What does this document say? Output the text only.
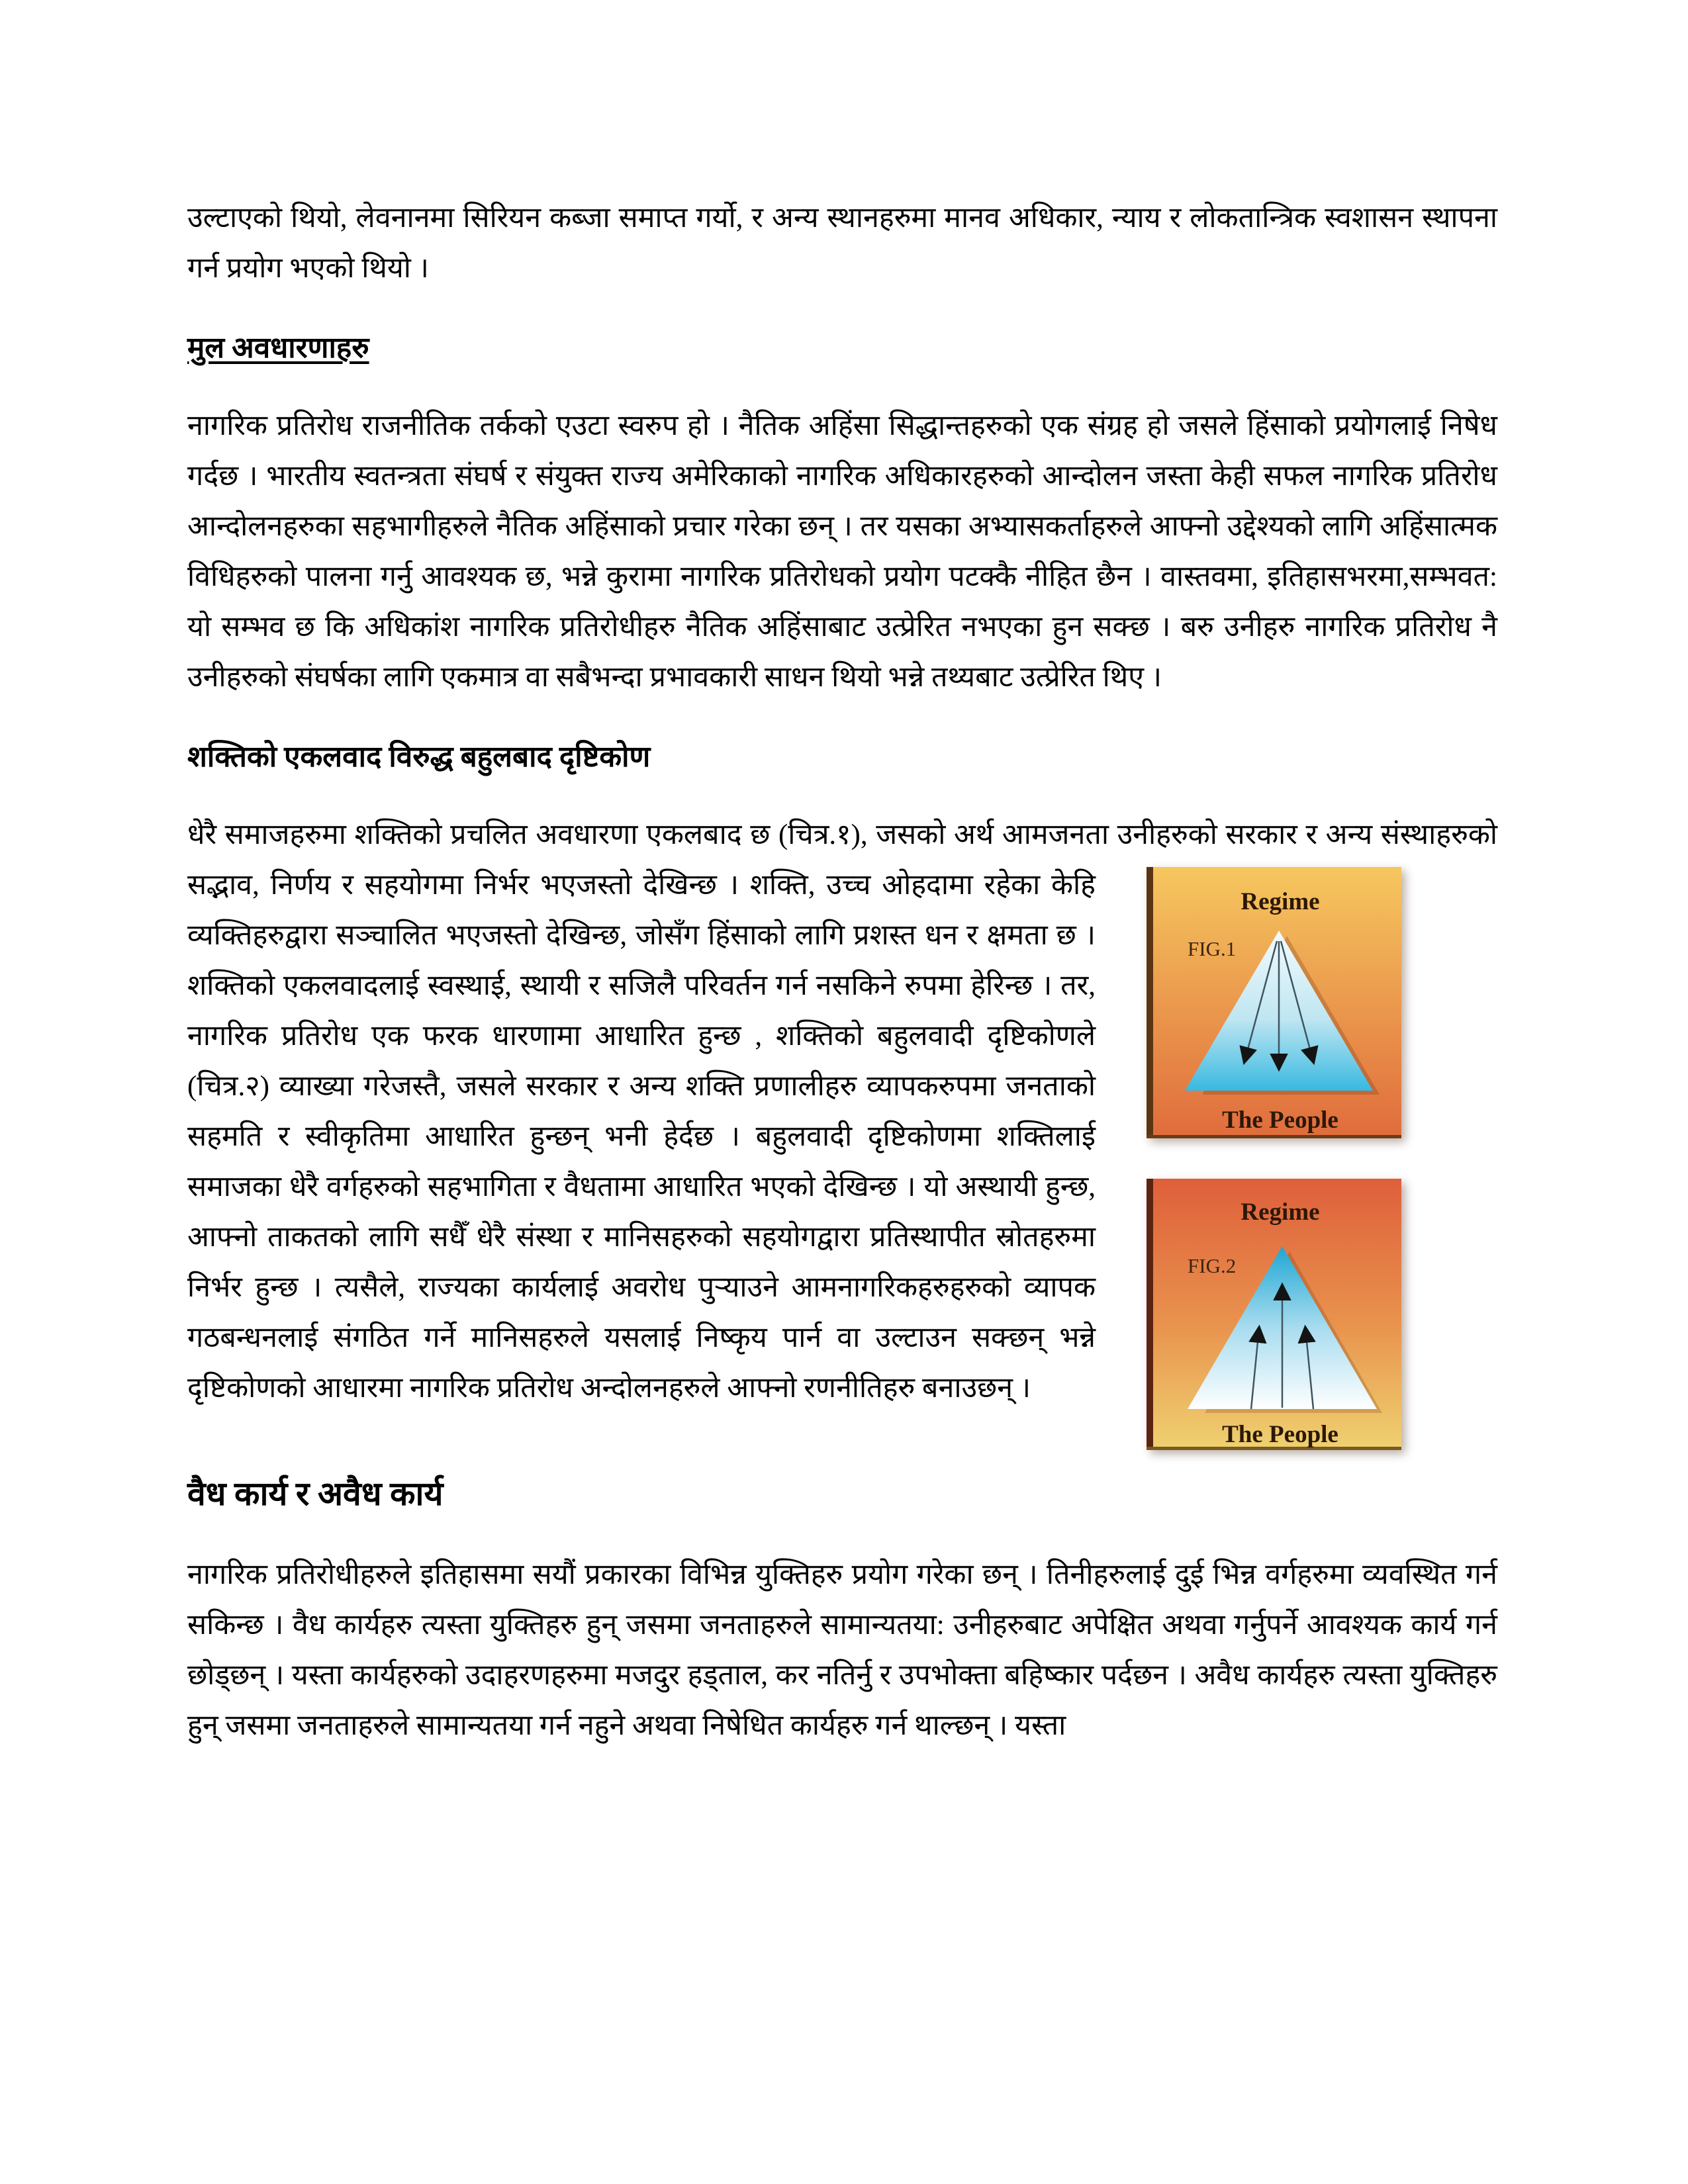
उल्टाएको थियो, लेवनानमा सिरियन कब्जा समाप्त गर्यो, र अन्य स्थानहरुमा मानव अधिकार, न्याय र लोकतान्त्रिक स्वशासन स्थापना गर्न प्रयोग भएको थियो ।
मुल अवधारणाहरु
नागरिक प्रतिरोध राजनीतिक तर्कको एउटा स्वरुप हो । नैतिक अहिंसा सिद्धान्तहरुको एक संग्रह हो जसले हिंसाको प्रयोगलाई निषेध गर्दछ । भारतीय स्वतन्त्रता संघर्ष र संयुक्त राज्य अमेरिकाको नागरिक अधिकारहरुको आन्दोलन जस्ता केही सफल नागरिक प्रतिरोध आन्दोलनहरुका सहभागीहरुले नैतिक अहिंसाको प्रचार गरेका छन् । तर यसका अभ्यासकर्ताहरुले आफ्नो उद्देश्यको लागि अहिंसात्मक विधिहरुको पालना गर्नु आवश्यक छ, भन्ने कुरामा नागरिक प्रतिरोधको प्रयोग पटक्कै नीहित छैन । वास्तवमा, इतिहासभरमा,सम्भवत: यो सम्भव छ कि अधिकांश नागरिक प्रतिरोधीहरु नैतिक अहिंसाबाट उत्प्रेरित नभएका हुन सक्छ । बरु उनीहरु नागरिक प्रतिरोध नै उनीहरुको संघर्षका लागि एकमात्र वा सबैभन्दा प्रभावकारी साधन थियो भन्ने तथ्यबाट उत्प्रेरित थिए ।
शक्तिको एकलवाद विरुद्ध बहुलबाद दृष्टिकोण
धेरै समाजहरुमा शक्तिको प्रचलित अवधारणा एकलबाद छ (चित्र.१), जसको अर्थ आमजनता उनीहरुको सरकार र अन्य संस्थाहरुको सद्भाव, निर्णय र सहयोगमा निर्भर भएजस्तो देखिन्छ । शक्ति, उच्च
Regime
FIG.1
The People
Regime
FIG.2
The People
ओहदामा रहेका केहि व्यक्तिहरुद्वारा सञ्चालित भएजस्तो देखिन्छ, जोसँग हिंसाको लागि प्रशस्त धन र क्षमता छ । शक्तिको एकलवादलाई स्वस्थाई, स्थायी र सजिलै परिवर्तन गर्न नसकिने रुपमा हेरिन्छ । तर, नागरिक प्रतिरोध एक फरक धारणामा आधारित हुन्छ , शक्तिको बहुलवादी दृष्टिकोणले (चित्र.२) व्याख्या गरेजस्तै, जसले सरकार र अन्य शक्ति प्रणालीहरु व्यापकरुपमा जनताको सहमति र स्वीकृतिमा आधारित हुन्छन् भनी हेर्दछ । बहुलवादी दृष्टिकोणमा शक्तिलाई समाजका धेरै वर्गहरुको सहभागिता र वैधतामा आधारित भएको देखिन्छ । यो अस्थायी हुन्छ, आफ्नो ताकतको लागि सधैँ धेरै संस्था र मानिसहरुको सहयोगद्वारा प्रतिस्थापीत स्रोतहरुमा निर्भर हुन्छ । त्यसैले, राज्यका कार्यलाई अवरोध पुऱ्याउने आमनागरिकहरुहरुको व्यापक गठबन्धनलाई संगठित गर्ने मानिसहरुले यसलाई निष्कृय पार्न वा उल्टाउन सक्छन् भन्ने दृष्टिकोणको आधारमा नागरिक प्रतिरोध अन्दोलनहरुले आफ्नो रणनीतिहरु बनाउछन् ।
वैध कार्य र अवैध कार्य
नागरिक प्रतिरोधीहरुले इतिहासमा सयौं प्रकारका विभिन्न युक्तिहरु प्रयोग गरेका छन् । तिनीहरुलाई दुई भिन्न वर्गहरुमा व्यवस्थित गर्न सकिन्छ । वैध कार्यहरु त्यस्ता युक्तिहरु हुन् जसमा जनताहरुले सामान्यतया: उनीहरुबाट अपेक्षित अथवा गर्नुपर्ने आवश्यक कार्य गर्न छोड्छन् । यस्ता कार्यहरुको उदाहरणहरुमा मजदुर हड्ताल, कर नतिर्नु र उपभोक्ता बहिष्कार पर्दछन । अवैध कार्यहरु त्यस्ता युक्तिहरु हुन् जसमा जनताहरुले सामान्यतया गर्न नहुने अथवा निषेधित कार्यहरु गर्न थाल्छन् । यस्ता
